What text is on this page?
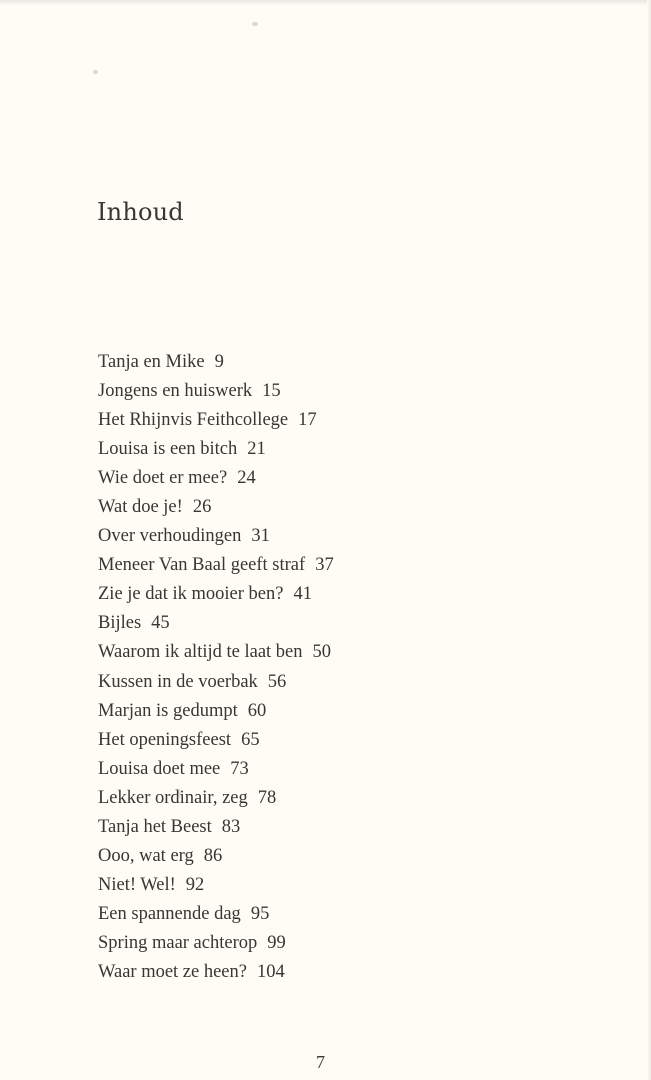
Inhoud
Tanja en Mike 9
Jongens en huiswerk 15
Het Rhijnvis Feithcollege 17
Louisa is een bitch 21
Wie doet er mee? 24
Wat doe je! 26
Over verhoudingen 31
Meneer Van Baal geeft straf 37
Zie je dat ik mooier ben? 41
Bijles 45
Waarom ik altijd te laat ben 50
Kussen in de voerbak 56
Marjan is gedumpt 60
Het openingsfeest 65
Louisa doet mee 73
Lekker ordinair, zeg 78
Tanja het Beest 83
Ooo, wat erg 86
Niet! Wel! 92
Een spannende dag 95
Spring maar achterop 99
Waar moet ze heen? 104
7
